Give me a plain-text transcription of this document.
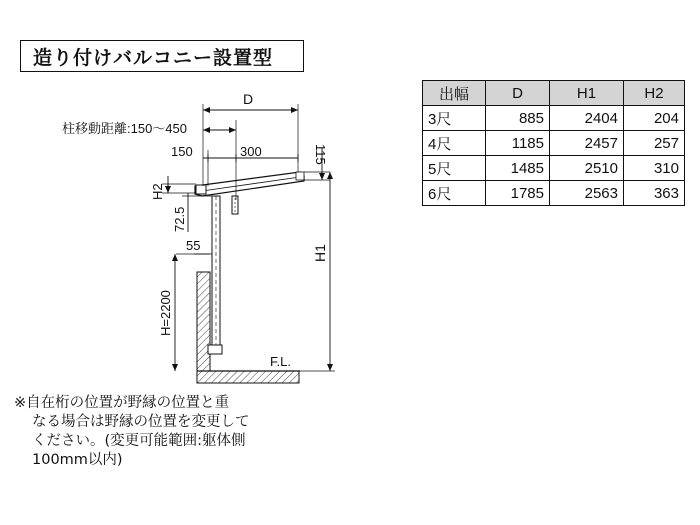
造り付けバルコニー設置型
D
柱移動距離:150〜450
150	300	115
H2
72.5
55
H=2200
H1
F.L.
出幅	D	H1	H2
3尺	885	2404	204
4尺	1185	2457	257
5尺	1485	2510	310
6尺	1785	2563	363
※自在桁の位置が野縁の位置と重
なる場合は野縁の位置を変更して
ください。(変更可能範囲:躯体側
100mm以内)
